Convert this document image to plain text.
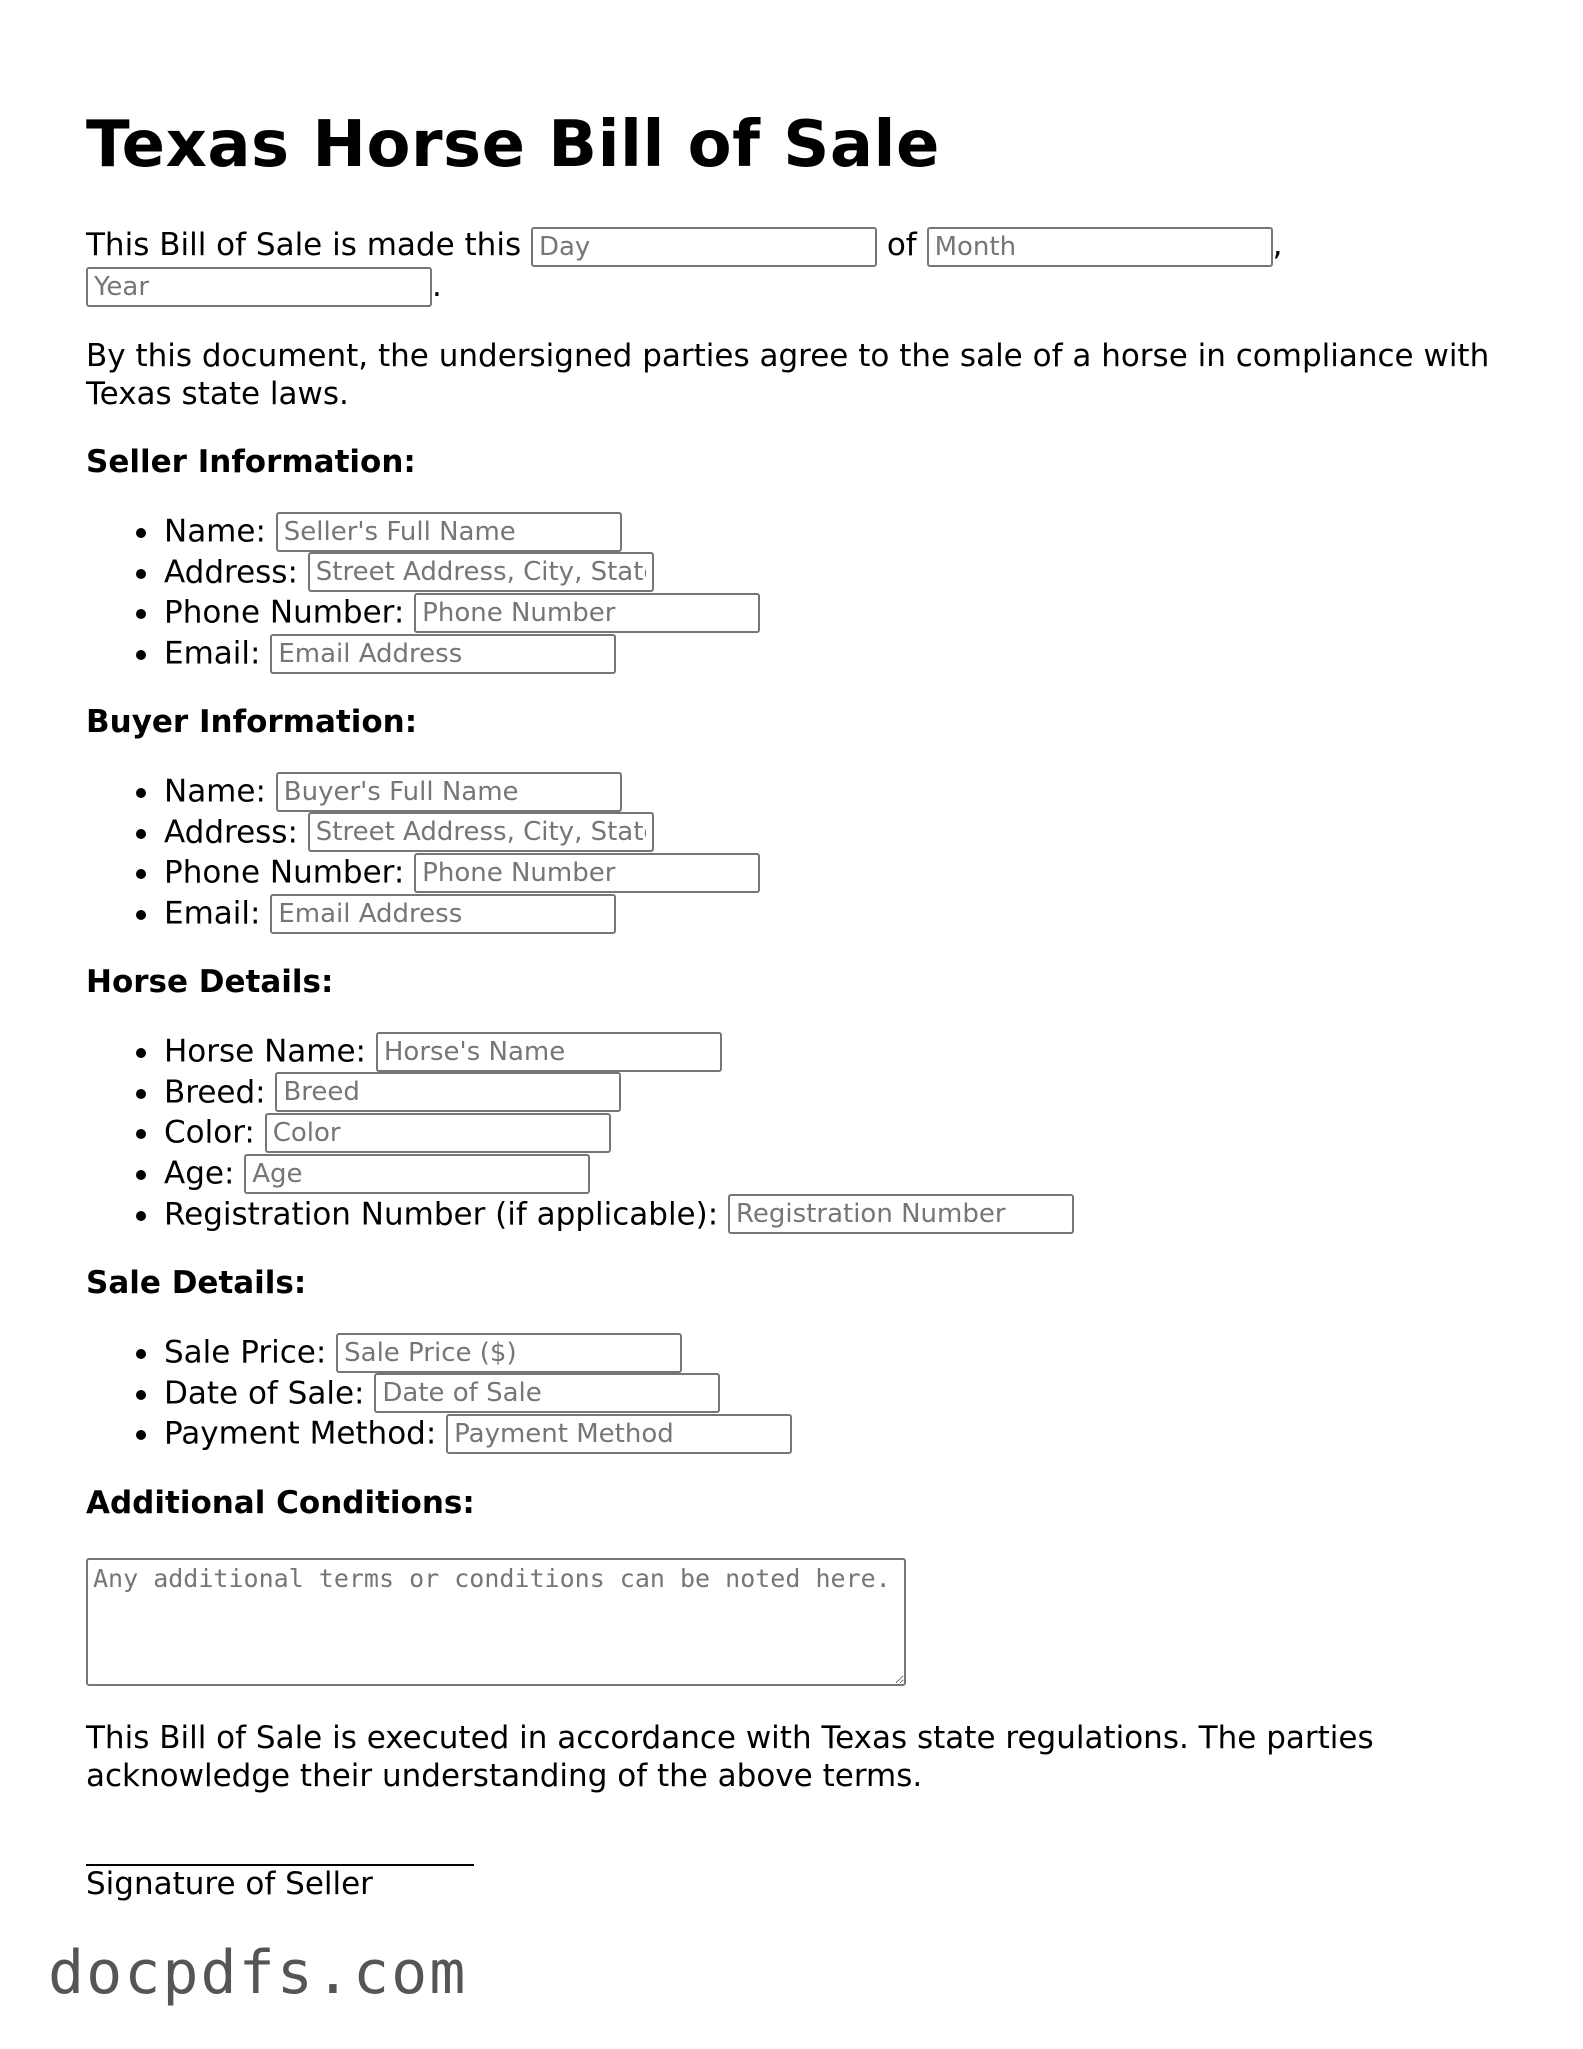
Texas Horse Bill of Sale
This Bill of Sale is made this Day	of Month	,
Year.
By this document, the undersigned parties agree to the sale of a horse in compliance with Texas state laws.
Seller Information:
Name: Seller's Full Name
Address: Street Address, City, State
Phone Number: Phone Number
Email: Email Address
Buyer Information:
Name: Buyer's Full Name
Address: Street Address, City, State
Phone Number: Phone Number
Email: Email Address
Horse Details:
Horse Name: Horse's Name
Breed: Breed
Color: Color
Age: Age
Registration Number (if applicable): Registration Number
Sale Details:
Sale Price: Sale Price ($)
Date of Sale: Date of Sale
Payment Method: Payment Method
Additional Conditions:
Any additional terms or conditions can be noted here.
This Bill of Sale is executed in accordance with Texas state regulations. The parties acknowledge their understanding of the above terms.
Signature of Seller
docpdfs.com
